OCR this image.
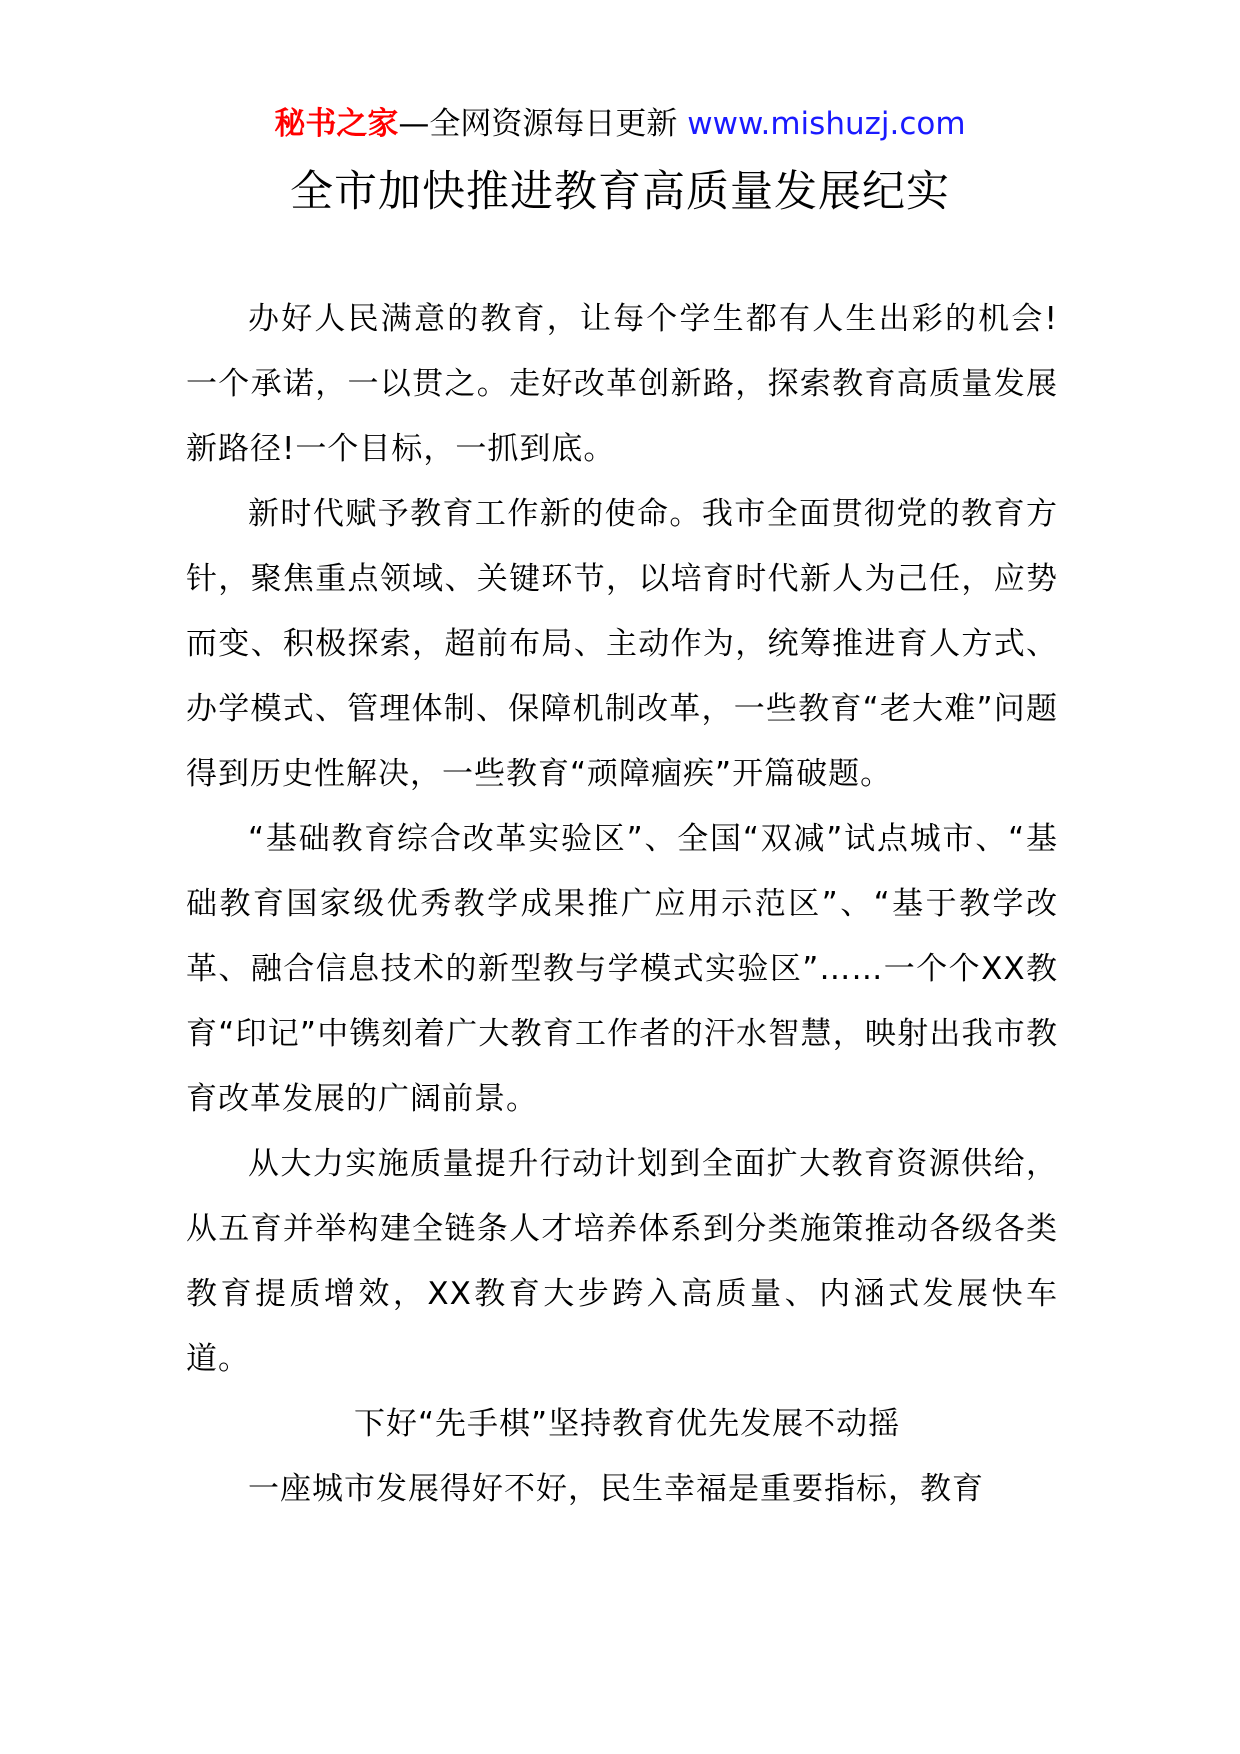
秘书之家—全网资源每日更新 www.mishuzj.com
全市加快推进教育高质量发展纪实

办好人民满意的教育，让每个学生都有人生出彩的机会!一个承诺，一以贯之。走好改革创新路，探索教育高质量发展新路径!一个目标，一抓到底。

新时代赋予教育工作新的使命。我市全面贯彻党的教育方针，聚焦重点领域、关键环节，以培育时代新人为己任，应势而变、积极探索，超前布局、主动作为，统筹推进育人方式、办学模式、管理体制、保障机制改革，一些教育“老大难”问题得到历史性解决，一些教育“顽障痼疾”开篇破题。

“基础教育综合改革实验区”、全国“双减”试点城市、“基础教育国家级优秀教学成果推广应用示范区”、“基于教学改革、融合信息技术的新型教与学模式实验区”……一个个XX教育“印记”中镌刻着广大教育工作者的汗水智慧，映射出我市教育改革发展的广阔前景。

从大力实施质量提升行动计划到全面扩大教育资源供给，从五育并举构建全链条人才培养体系到分类施策推动各级各类教育提质增效，XX教育大步跨入高质量、内涵式发展快车道。

下好“先手棋”坚持教育优先发展不动摇

一座城市发展得好不好，民生幸福是重要指标，教育
